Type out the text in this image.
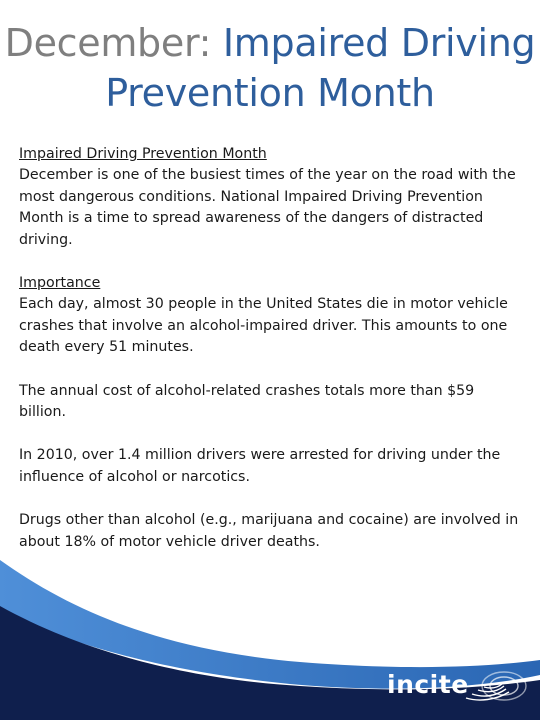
December: Impaired Driving Prevention Month

Impaired Driving Prevention Month
December is one of the busiest times of the year on the road with the most dangerous conditions. National Impaired Driving Prevention Month is a time to spread awareness of the dangers of distracted driving.

Importance
Each day, almost 30 people in the United States die in motor vehicle crashes that involve an alcohol-impaired driver. This amounts to one death every 51 minutes.

The annual cost of alcohol-related crashes totals more than $59 billion.

In 2010, over 1.4 million drivers were arrested for driving under the influence of alcohol or narcotics.

Drugs other than alcohol (e.g., marijuana and cocaine) are involved in about 18% of motor vehicle driver deaths.

incite
